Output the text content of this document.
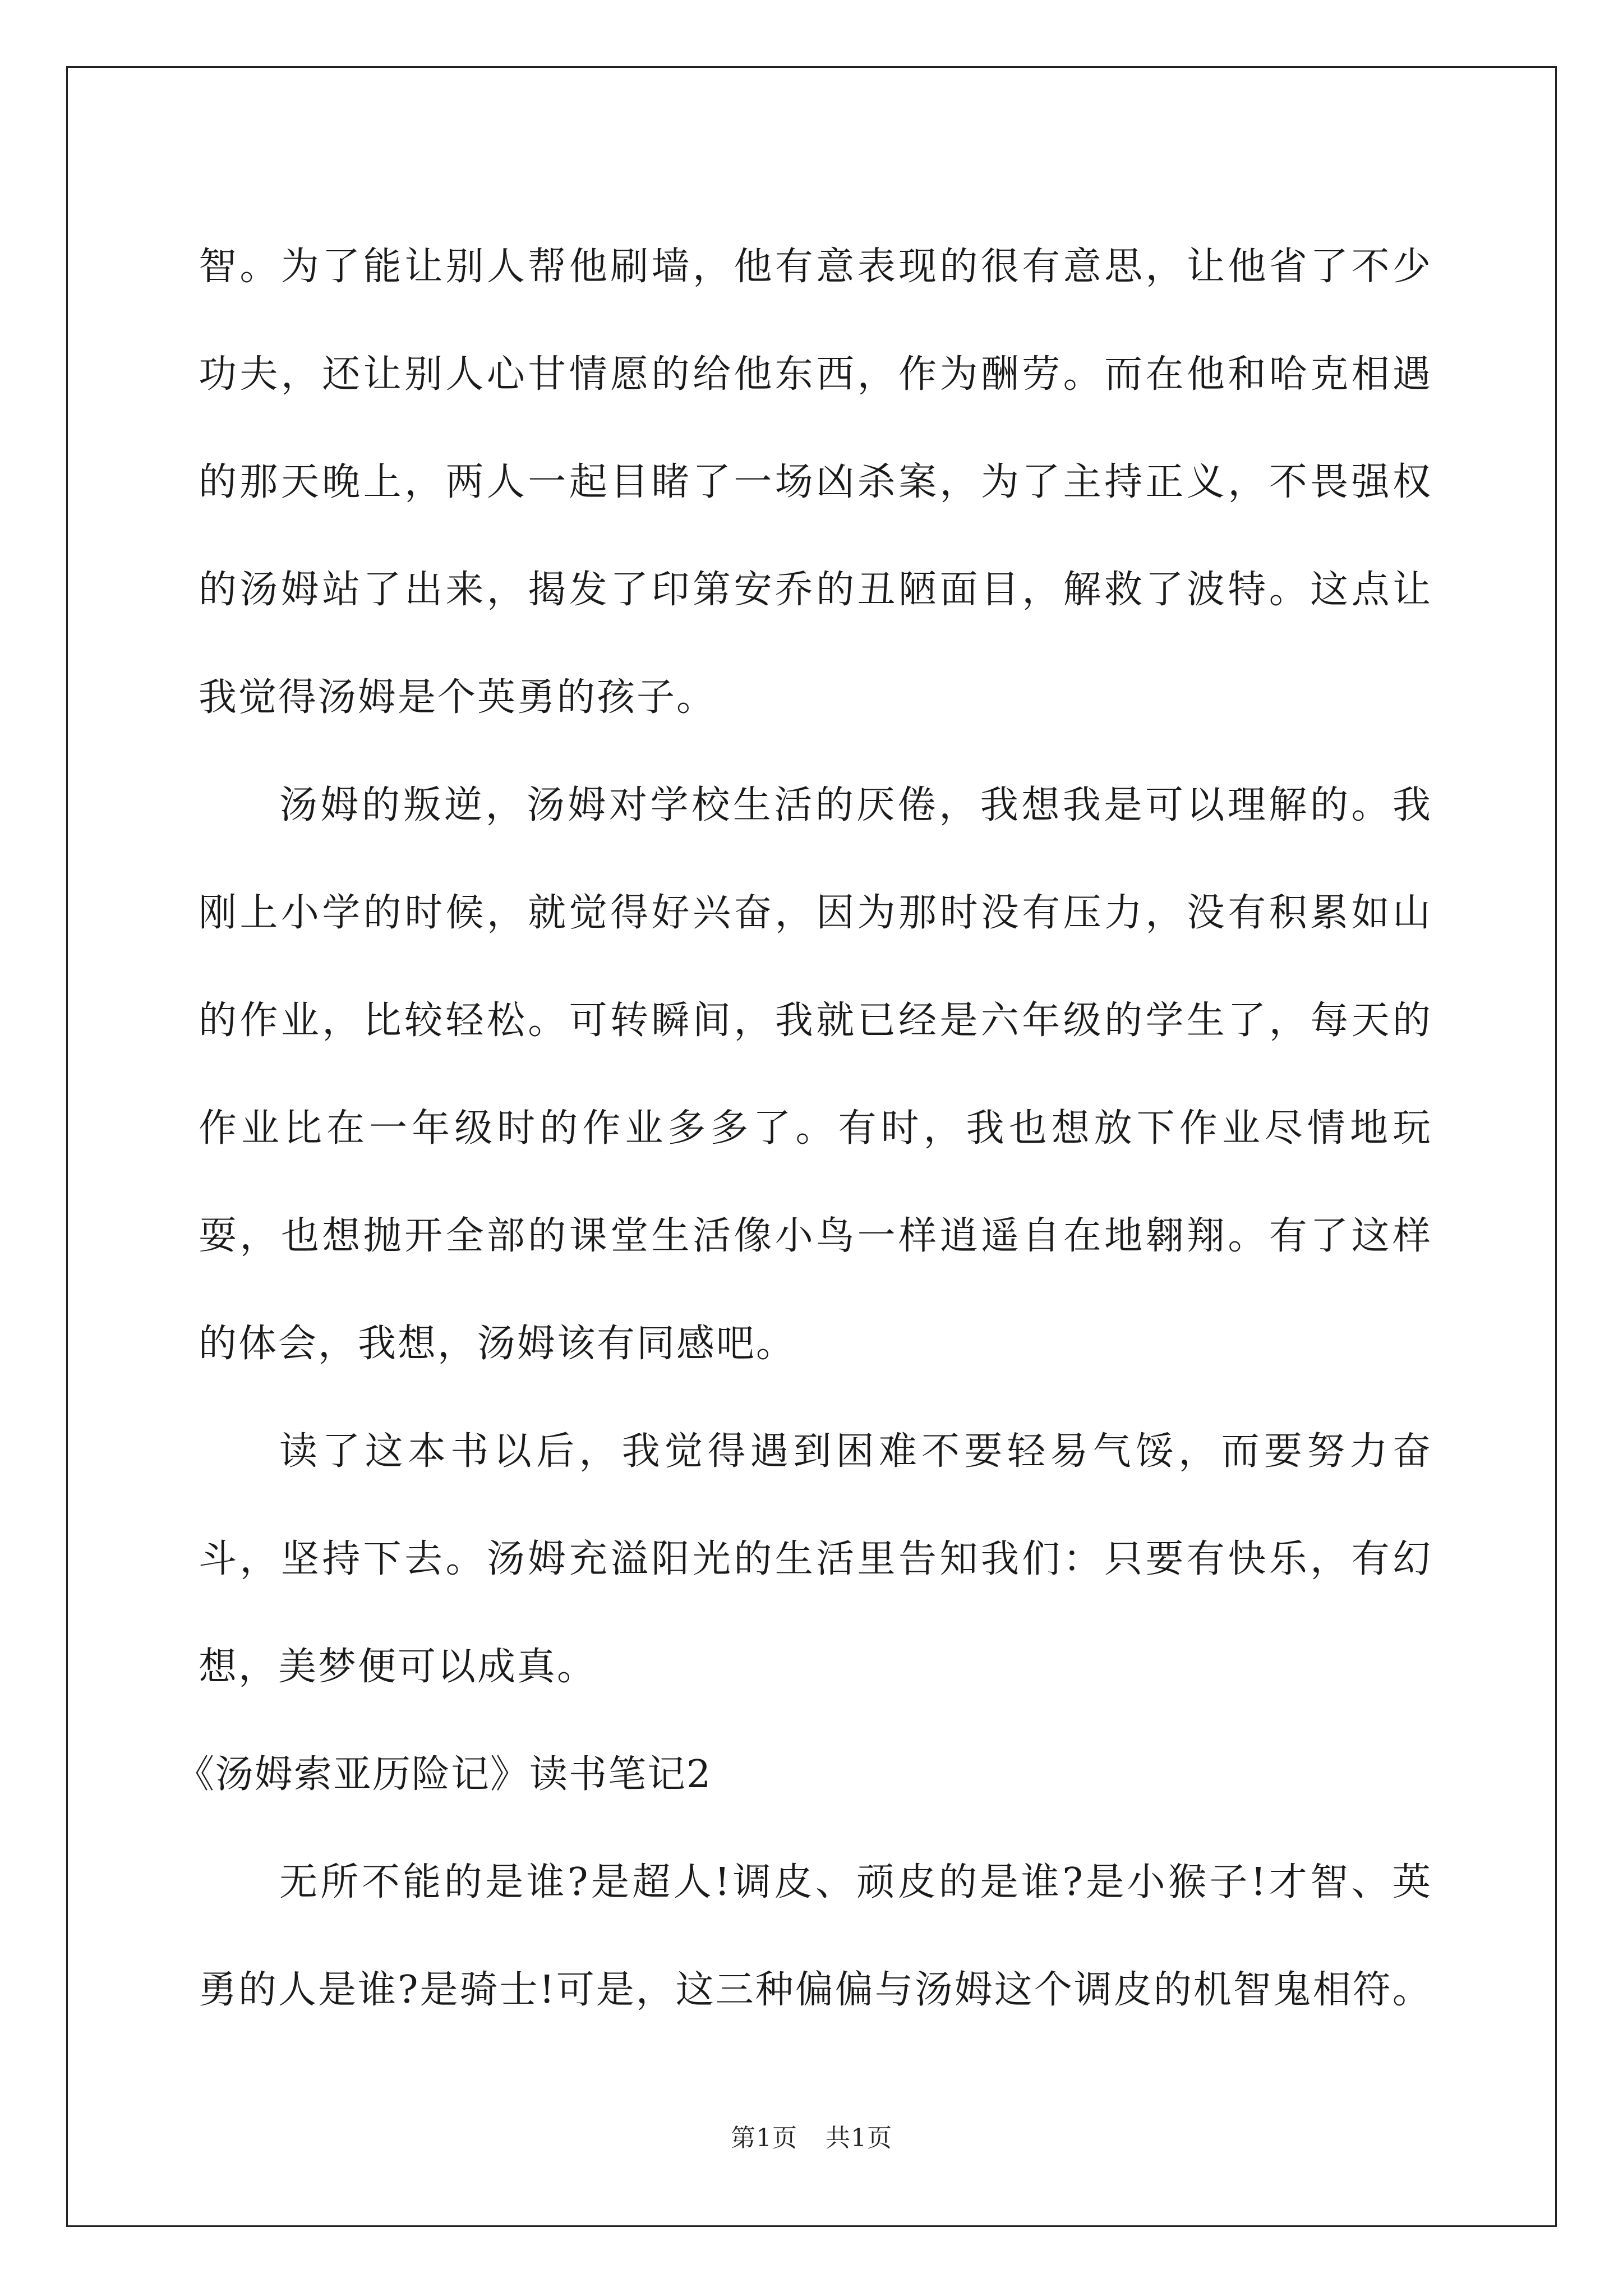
智。为了能让别人帮他刷墙，他有意表现的很有意思，让他省了不少功夫，还让别人心甘情愿的给他东西，作为酬劳。而在他和哈克相遇的那天晚上，两人一起目睹了一场凶杀案，为了主持正义，不畏强权的汤姆站了出来，揭发了印第安乔的丑陋面目，解救了波特。这点让我觉得汤姆是个英勇的孩子。

汤姆的叛逆，汤姆对学校生活的厌倦，我想我是可以理解的。我刚上小学的时候，就觉得好兴奋，因为那时没有压力，没有积累如山的作业，比较轻松。可转瞬间，我就已经是六年级的学生了，每天的作业比在一年级时的作业多多了。有时，我也想放下作业尽情地玩耍，也想抛开全部的课堂生活像小鸟一样逍遥自在地翱翔。有了这样的体会，我想，汤姆该有同感吧。

读了这本书以后，我觉得遇到困难不要轻易气馁，而要努力奋斗，坚持下去。汤姆充溢阳光的生活里告知我们：只要有快乐，有幻想，美梦便可以成真。

《汤姆索亚历险记》读书笔记2

无所不能的是谁?是超人!调皮、顽皮的是谁?是小猴子!才智、英勇的人是谁?是骑士!可是，这三种偏偏与汤姆这个调皮的机智鬼相符。

第1页 共1页
